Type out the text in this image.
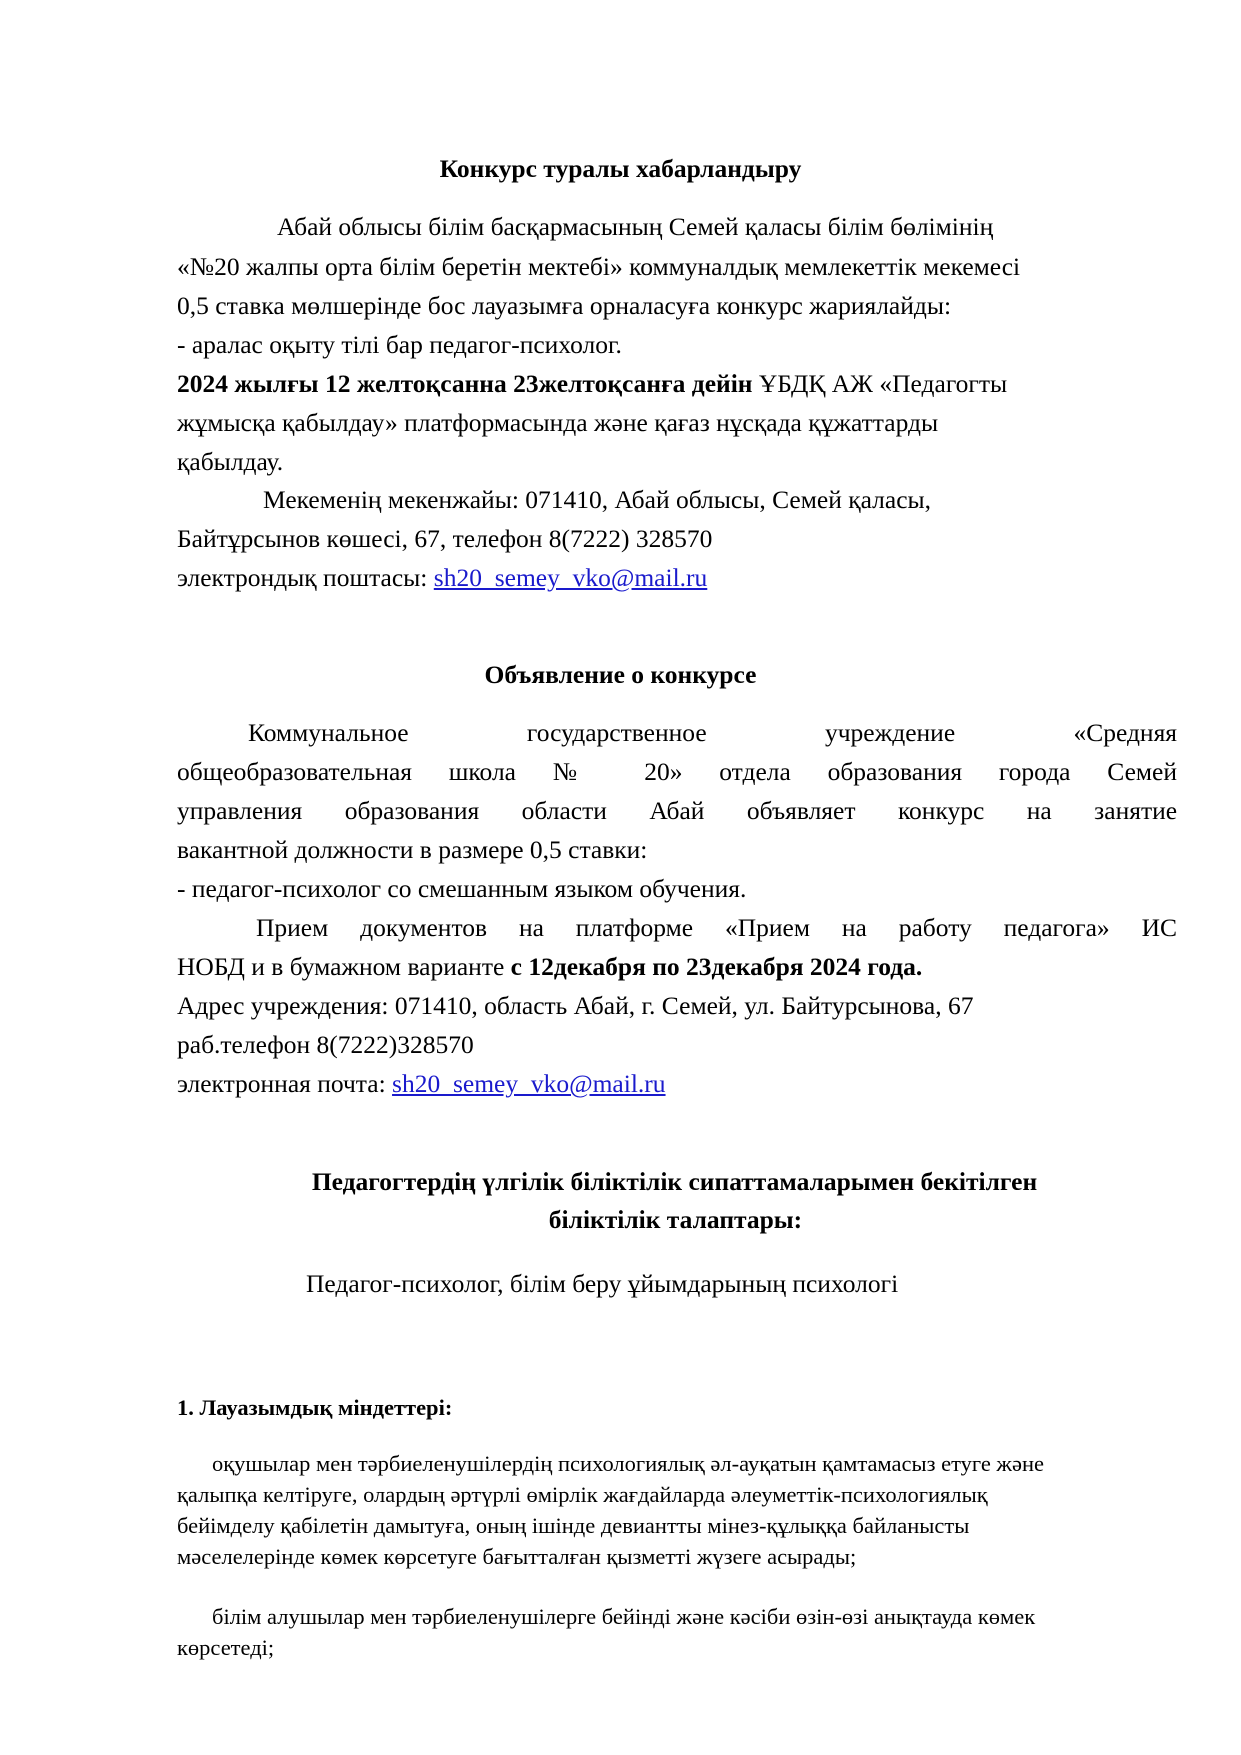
Конкурс туралы хабарландыру
Абай облысы білім басқармасының Семей қаласы білім бөлімінің
«№20 жалпы орта білім беретін мектебі» коммуналдық мемлекеттік мекемесі
0,5 ставка мөлшерінде бос лауазымға орналасуға конкурс жариялайды:
- аралас оқыту тілі бар педагог-психолог.
2024 жылғы 12 желтоқсанна 23желтоқсанға дейін ҰБДҚ АЖ «Педагогты
жұмысқа қабылдау» платформасында және қағаз нұсқада құжаттарды
қабылдау.
Мекеменің мекенжайы: 071410, Абай облысы, Семей қаласы,
Байтұрсынов көшесі, 67, телефон 8(7222) 328570
электрондық поштасы: sh20_semey_vko@mail.ru
Объявление о конкурсе
Коммунальное	государственное	учреждение	«Средняя
общеобразовательная школа № 20» отдела образования города Семей
управления образования области Абай объявляет конкурс на занятие
вакантной должности в размере 0,5 ставки:
- педагог-психолог со смешанным языком обучения.
Прием документов на платформе «Прием на работу педагога» ИС
НОБД и в бумажном варианте с 12декабря по 23декабря 2024 года.
Адрес учреждения: 071410, область Абай, г. Семей, ул. Байтурсынова, 67
раб.телефон 8(7222)328570
электронная почта: sh20_semey_vko@mail.ru
Педагогтердің үлгілік біліктілік сипаттамаларымен бекітілген
біліктілік талаптары:
Педагог-психолог, білім беру ұйымдарының психологі
1. Лауазымдық міндеттері:
оқушылар мен тәрбиеленушілердің психологиялық әл-ауқатын қамтамасыз етуге және
қалыпқа келтіруге, олардың әртүрлі өмірлік жағдайларда әлеуметтік-психологиялық
бейімделу қабілетін дамытуға, оның ішінде девиантты мінез-құлыққа байланысты
мәселелерінде көмек көрсетуге бағытталған қызметті жүзеге асырады;
білім алушылар мен тәрбиеленушілерге бейінді және кәсіби өзін-өзі анықтауда көмек
көрсетеді;
